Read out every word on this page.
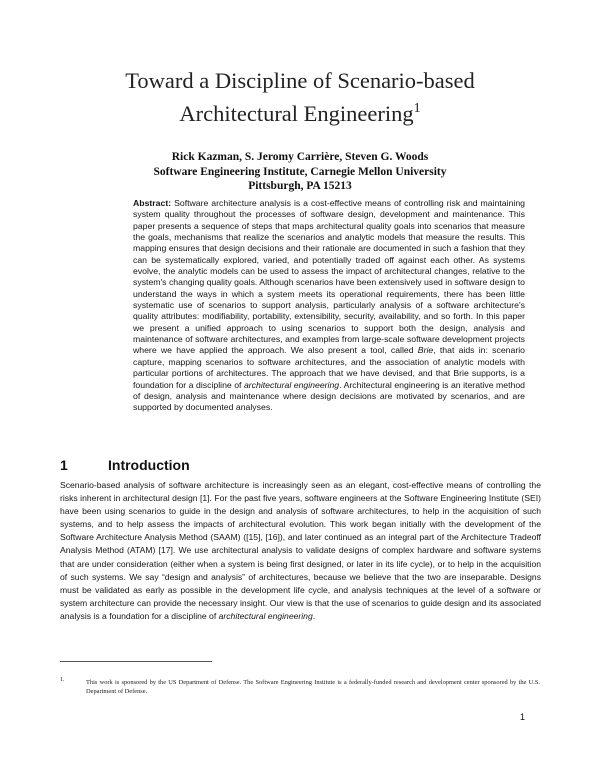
Toward a Discipline of Scenario-based
Architectural Engineering$^1$
Rick Kazman, S. Jeromy Carrière, Steven G. Woods
Software Engineering Institute, Carnegie Mellon University
Pittsburgh, PA 15213
Abstract: Software architecture analysis is a cost-effective means of controlling risk and maintaining system quality throughout the processes of software design, development and maintenance. This paper presents a sequence of steps that maps architectural quality goals into scenarios that measure the goals, mechanisms that realize the scenarios and analytic models that measure the results. This mapping ensures that design decisions and their rationale are documented in such a fashion that they can be systematically explored, varied, and potentially traded off against each other. As systems evolve, the analytic models can be used to assess the impact of architectural changes, relative to the system's changing quality goals. Although scenarios have been extensively used in software design to understand the ways in which a system meets its operational requirements, there has been little systematic use of scenarios to support analysis, particularly analysis of a software architecture's quality attributes: modifiability, portability, extensibility, security, availability, and so forth. In this paper we present a unified approach to using scenarios to support both the design, analysis and maintenance of software architectures, and examples from large-scale software development projects where we have applied the approach. We also present a tool, called Brie, that aids in: scenario capture, mapping scenarios to software architectures, and the association of analytic models with particular portions of architectures. The approach that we have devised, and that Brie supports, is a foundation for a discipline of architectural engineering. Architectural engineering is an iterative method of design, analysis and maintenance where design decisions are motivated by scenarios, and are supported by documented analyses.
1	Introduction
Scenario-based analysis of software architecture is increasingly seen as an elegant, cost-effective means of controlling the risks inherent in architectural design [1]. For the past five years, software engineers at the Software Engineering Institute (SEI) have been using scenarios to guide in the design and analysis of software architectures, to help in the acquisition of such systems, and to help assess the impacts of architectural evolution. This work began initially with the development of the Software Architecture Analysis Method (SAAM) ([15], [16]), and later continued as an integral part of the Architecture Tradeoff Analysis Method (ATAM) [17]. We use architectural analysis to validate designs of complex hardware and software systems that are under consideration (either when a system is being first designed, or later in its life cycle), or to help in the acquisition of such systems. We say “design and analysis” of architectures, because we believe that the two are inseparable. Designs must be validated as early as possible in the development life cycle, and analysis techniques at the level of a software or system architecture can provide the necessary insight. Our view is that the use of scenarios to guide design and its associated analysis is a foundation for a discipline of architectural engineering.
1.	This work is sponsored by the US Department of Defense. The Software Engineering Institute is a federally-funded research and development center sponsored by the U.S. Department of Defense.
1
